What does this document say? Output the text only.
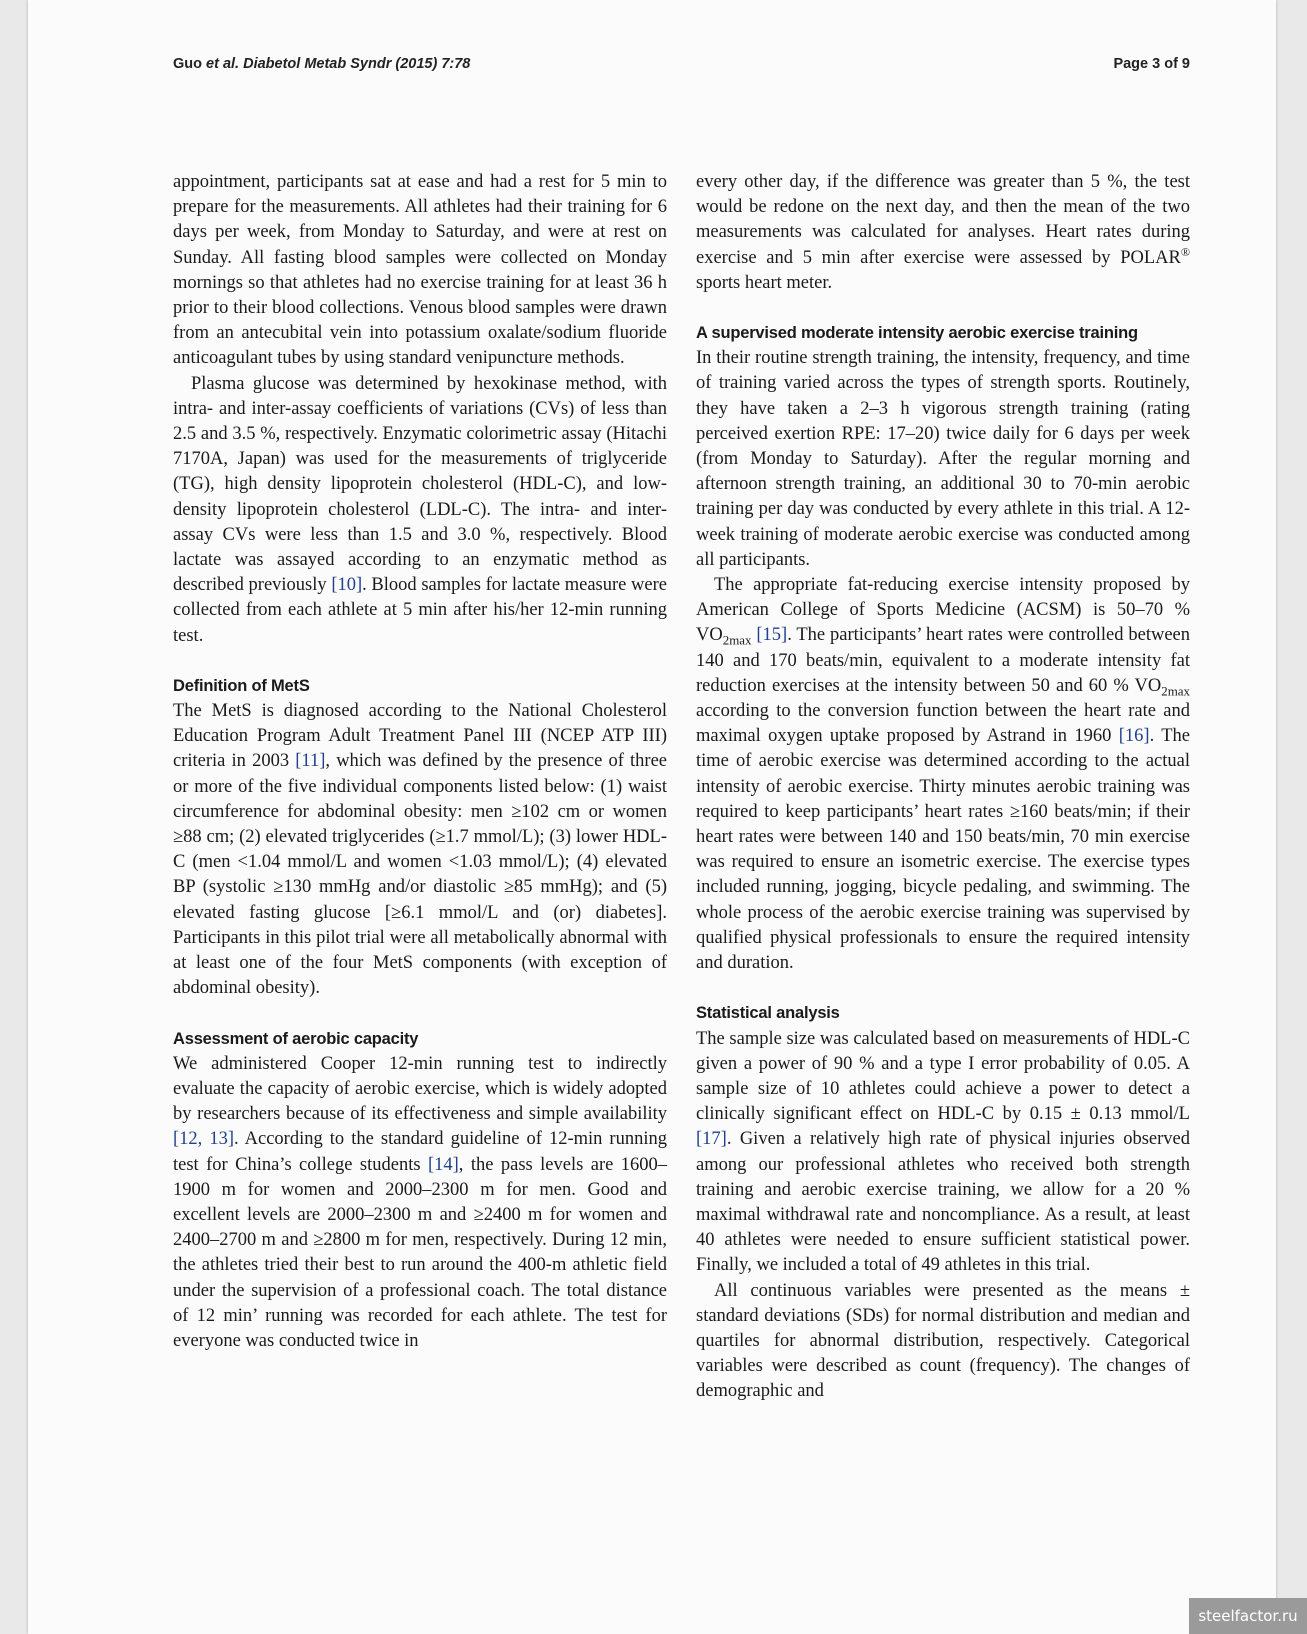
Guo et al. Diabetol Metab Syndr (2015) 7:78	Page 3 of 9

appointment, participants sat at ease and had a rest for 5 min to prepare for the measurements. All athletes had their training for 6 days per week, from Monday to Saturday, and were at rest on Sunday. All fasting blood samples were collected on Monday mornings so that athletes had no exercise training for at least 36 h prior to their blood collections. Venous blood samples were drawn from an antecubital vein into potassium oxalate/sodium fluoride anticoagulant tubes by using standard venipuncture methods.

Plasma glucose was determined by hexokinase method, with intra- and inter-assay coefficients of variations (CVs) of less than 2.5 and 3.5 %, respectively. Enzymatic colorimetric assay (Hitachi 7170A, Japan) was used for the measurements of triglyceride (TG), high density lipoprotein cholesterol (HDL-C), and low-density lipoprotein cholesterol (LDL-C). The intra- and inter-assay CVs were less than 1.5 and 3.0 %, respectively. Blood lactate was assayed according to an enzymatic method as described previously [10]. Blood samples for lactate measure were collected from each athlete at 5 min after his/her 12-min running test.

Definition of MetS

The MetS is diagnosed according to the National Cholesterol Education Program Adult Treatment Panel III (NCEP ATP III) criteria in 2003 [11], which was defined by the presence of three or more of the five individual components listed below: (1) waist circumference for abdominal obesity: men ≥102 cm or women ≥88 cm; (2) elevated triglycerides (≥1.7 mmol/L); (3) lower HDL-C (men <1.04 mmol/L and women <1.03 mmol/L); (4) elevated BP (systolic ≥130 mmHg and/or diastolic ≥85 mmHg); and (5) elevated fasting glucose [≥6.1 mmol/L and (or) diabetes]. Participants in this pilot trial were all metabolically abnormal with at least one of the four MetS components (with exception of abdominal obesity).

Assessment of aerobic capacity

We administered Cooper 12-min running test to indirectly evaluate the capacity of aerobic exercise, which is widely adopted by researchers because of its effectiveness and simple availability [12, 13]. According to the standard guideline of 12-min running test for China’s college students [14], the pass levels are 1600–1900 m for women and 2000–2300 m for men. Good and excellent levels are 2000–2300 m and ≥2400 m for women and 2400–2700 m and ≥2800 m for men, respectively. During 12 min, the athletes tried their best to run around the 400-m athletic field under the supervision of a professional coach. The total distance of 12 min’ running was recorded for each athlete. The test for everyone was conducted twice in

every other day, if the difference was greater than 5 %, the test would be redone on the next day, and then the mean of the two measurements was calculated for analyses. Heart rates during exercise and 5 min after exercise were assessed by POLAR® sports heart meter.

A supervised moderate intensity aerobic exercise training

In their routine strength training, the intensity, frequency, and time of training varied across the types of strength sports. Routinely, they have taken a 2–3 h vigorous strength training (rating perceived exertion RPE: 17–20) twice daily for 6 days per week (from Monday to Saturday). After the regular morning and afternoon strength training, an additional 30 to 70-min aerobic training per day was conducted by every athlete in this trial. A 12-week training of moderate aerobic exercise was conducted among all participants.

The appropriate fat-reducing exercise intensity proposed by American College of Sports Medicine (ACSM) is 50–70 % $VO_{2max}$ [15]. The participants’ heart rates were controlled between 140 and 170 beats/min, equivalent to a moderate intensity fat reduction exercises at the intensity between 50 and 60 % $VO_{2max}$ according to the conversion function between the heart rate and maximal oxygen uptake proposed by Astrand in 1960 [16]. The time of aerobic exercise was determined according to the actual intensity of aerobic exercise. Thirty minutes aerobic training was required to keep participants’ heart rates ≥160 beats/min; if their heart rates were between 140 and 150 beats/min, 70 min exercise was required to ensure an isometric exercise. The exercise types included running, jogging, bicycle pedaling, and swimming. The whole process of the aerobic exercise training was supervised by qualified physical professionals to ensure the required intensity and duration.

Statistical analysis

The sample size was calculated based on measurements of HDL-C given a power of 90 % and a type I error probability of 0.05. A sample size of 10 athletes could achieve a power to detect a clinically significant effect on HDL-C by 0.15 ± 0.13 mmol/L [17]. Given a relatively high rate of physical injuries observed among our professional athletes who received both strength training and aerobic exercise training, we allow for a 20 % maximal withdrawal rate and noncompliance. As a result, at least 40 athletes were needed to ensure sufficient statistical power. Finally, we included a total of 49 athletes in this trial.

All continuous variables were presented as the means ± standard deviations (SDs) for normal distribution and median and quartiles for abnormal distribution, respectively. Categorical variables were described as count (frequency). The changes of demographic and

steelfactor.ru
